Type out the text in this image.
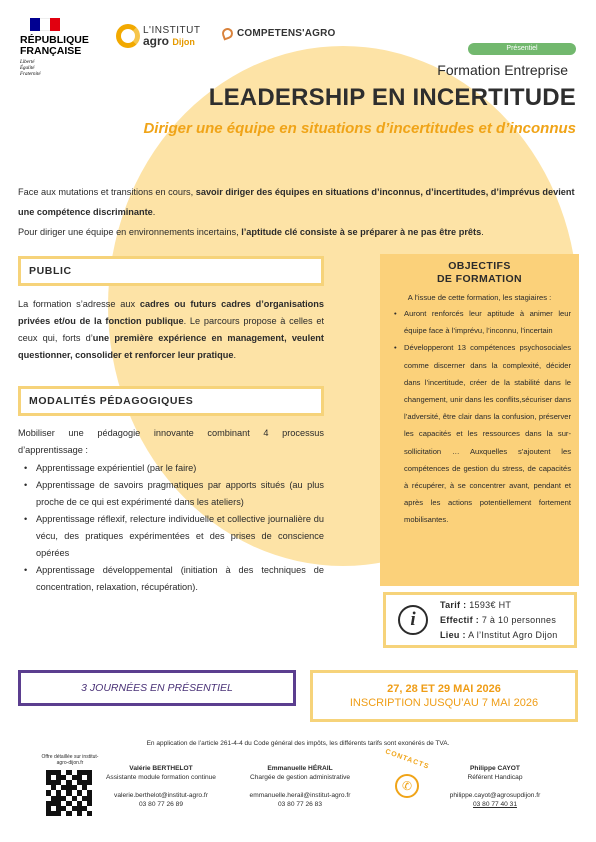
RÉPUBLIQUE
FRANÇAISE
Liberté Égalité Fraternité
L'INSTITUT
agro Dijon
COMPETENS'AGRO
Présentiel
Formation Entreprise
LEADERSHIP EN INCERTITUDE
Diriger une équipe en situations d’incertitudes et d’inconnus
Face aux mutations et transitions en cours, savoir diriger des équipes en situations d’inconnus, d’incertitudes, d’imprévus devient une compétence discriminante.
Pour diriger une équipe en environnements incertains, l’aptitude clé consiste à se préparer à ne pas être prêts.
PUBLIC
La formation s’adresse aux cadres ou futurs cadres d’organisations privées et/ou de la fonction publique. Le parcours propose à celles et ceux qui, forts d’une première expérience en management, veulent questionner, consolider et renforcer leur pratique.
MODALITÉS PÉDAGOGIQUES
Mobiliser une pédagogie innovante combinant 4 processus d’apprentissage :
• Apprentissage expérientiel (par le faire)
• Apprentissage de savoirs pragmatiques par apports situés (au plus proche de ce qui est expérimenté dans les ateliers)
• Apprentissage réflexif, relecture individuelle et collective journalière du vécu, des pratiques expérimentées et des prises de conscience opérées
• Apprentissage développemental (initiation à des techniques de concentration, relaxation, récupération).
OBJECTIFS
DE FORMATION
A l’issue de cette formation, les stagiaires :
• Auront renforcés leur aptitude à animer leur équipe face à l’imprévu, l’inconnu, l’incertain
• Développeront 13 compétences psychosociales comme discerner dans la complexité, décider dans l’incertitude, créer de la stabilité dans le changement, unir dans les conflits,sécuriser dans l’adversité, être clair dans la confusion, préserver les capacités et les ressources dans la sur-sollicitation … Auxquelles s’ajoutent les compétences de gestion du stress, de capacités à récupérer, à se concentrer avant, pendant et après les actions potentiellement fortement mobilisantes.
i
Tarif : 1593€ HT
Effectif : 7 à 10 personnes
Lieu : A l’Institut Agro Dijon
3 JOURNÉES EN PRÉSENTIEL	27, 28 ET 29 MAI 2026
INSCRIPTION JUSQU’AU 7 MAI 2026
En application de l’article 261-4-4 du Code général des impôts, les différents tarifs sont exonérés de TVA.
Offre détaillée sur institut-agro-dijon.fr
Valérie BERTHELOT
Assistante module formation continue
valerie.berthelot@institut-agro.fr
03 80 77 26 89
Emmanuelle HÉRAIL
Chargée de gestion administrative
emmanuelle.herail@institut-agro.fr
03 80 77 26 83
CONTACTS
✆
Philippe CAYOT
Référent Handicap
philippe.cayot@agrosupdijon.fr
03 80 77 40 31
